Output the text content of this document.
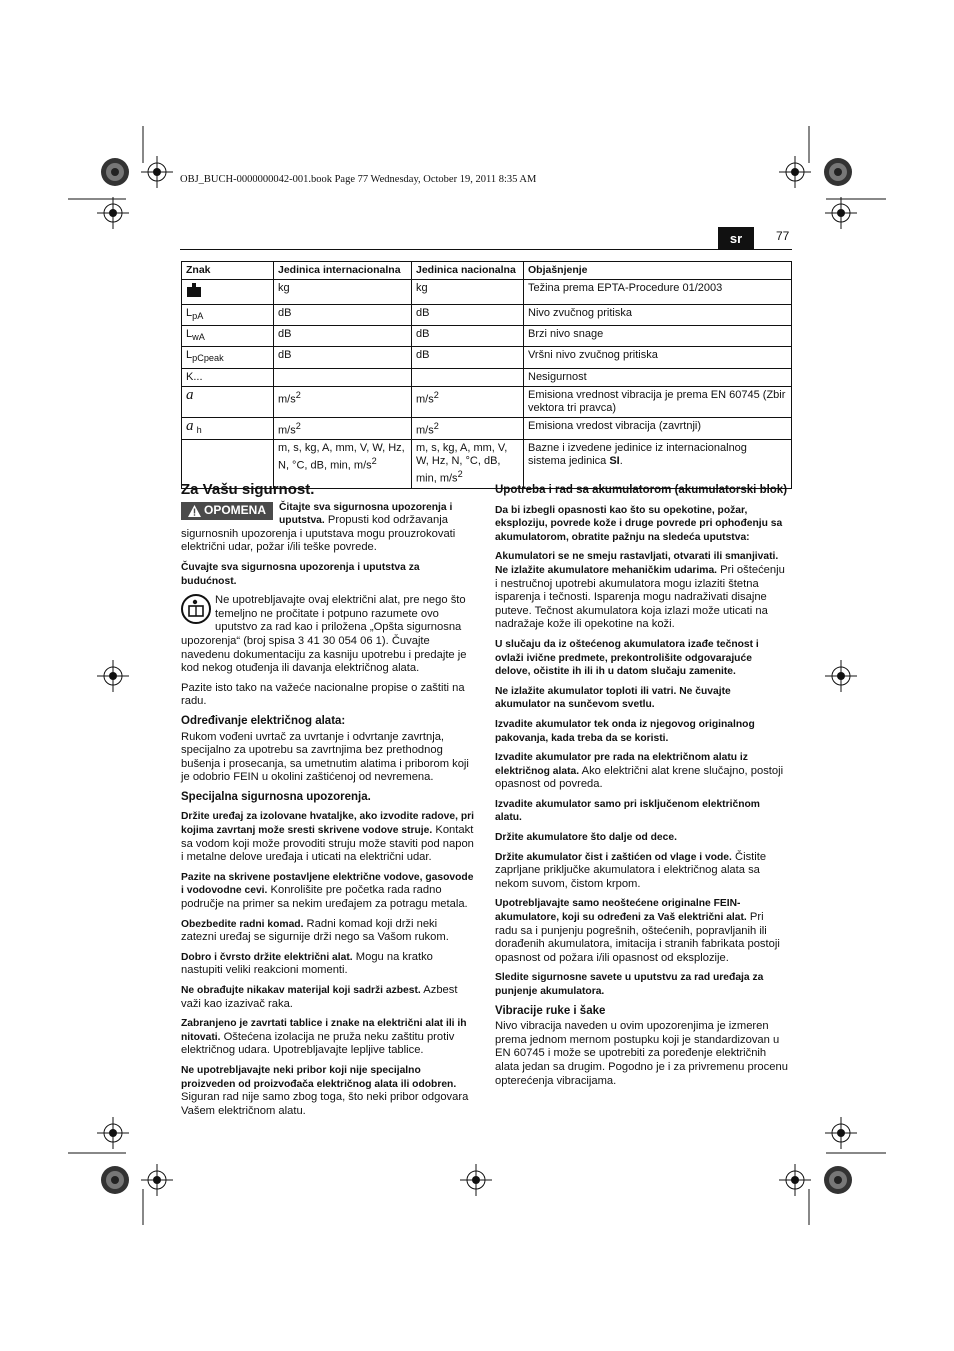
OBJ_BUCH-0000000042-001.book Page 77 Wednesday, October 19, 2011 8:35 AM
sr	77
Znak	Jedinica internacionalna	Jedinica nacionalna	Objašnjenje
	kg	kg	Težina prema EPTA-Procedure 01/2003
$L_{pA}$	dB	dB	Nivo zvučnog pritiska
$L_{wA}$	dB	dB	Brzi nivo snage
$L_{pCpeak}$	dB	dB	Vršni nivo zvučnog pritiska
K...			Nesigurnost
a	$m/s^2$	$m/s^2$	Emisiona vrednost vibracija je prema EN 60745 (Zbir vektora tri pravca)
a $_h$	$m/s^2$	$m/s^2$	Emisiona vredost vibracija (zavrtnji)
	m, s, kg, A, mm, V, W, Hz, N, °C, dB, min, $m/s^2$	m, s, kg, A, mm, V, W, Hz, N, °C, dB, min, $m/s^2$	Bazne i izvedene jedinice iz internacionalnog sistema jedinica SI.
Za Vašu sigurnost.

OPOMENA Čitajte sva sigurnosna upozorenja i uputstva. Propusti kod održavanja sigurnosnih upozorenja i uputstava mogu prouzrokovati električni udar, požar i/ili teške povrede.

Čuvajte sva sigurnosna upozorenja i uputstva za budućnost.

Ne upotrebljavajte ovaj električni alat, pre nego što temeljno ne pročitate i potpuno razumete ovo uputstvo za rad kao i priložena „Opšta sigurnosna upozorenja“ (broj spisa 3 41 30 054 06 1). Čuvajte navedenu dokumentaciju za kasniju upotrebu i predajte je kod nekog otuđenja ili davanja električnog alata.

Pazite isto tako na važeće nacionalne propise o zaštiti na radu.

Određivanje električnog alata:

Rukom vođeni uvrtač za uvrtanje i odvrtanje zavrtnja, specijalno za upotrebu sa zavrtnjima bez prethodnog bušenja i prosecanja, sa umetnutim alatima i priborom koji je odobrio FEIN u okolini zaštićenoj od nevremena.

Specijalna sigurnosna upozorenja.

Držite uređaj za izolovane hvataljke, ako izvodite radove, pri kojima zavrtanj može sresti skrivene vodove struje. Kontakt sa vodom koji može provoditi struju može staviti pod napon i metalne delove uređaja i uticati na električni udar.

Pazite na skrivene postavljene električne vodove, gasovode i vodovodne cevi. Konrolišite pre početka rada radno područje na primer sa nekim uređajem za potragu metala.

Obezbedite radni komad. Radni komad koji drži neki zatezni uređaj se sigurnije drži nego sa Vašom rukom.

Dobro i čvrsto držite električni alat. Mogu na kratko nastupiti veliki reakcioni momenti.

Ne obrađujte nikakav materijal koji sadrži azbest. Azbest važi kao izazivač raka.

Zabranjeno je zavrtati tablice i znake na električni alat ili ih nitovati. Oštećena izolacija ne pruža neku zaštitu protiv električnog udara. Upotrebljavajte lepljive tablice.

Ne upotrebljavajte neki pribor koji nije specijalno proizveden od proizvođača električnog alata ili odobren. Siguran rad nije samo zbog toga, što neki pribor odgovara Vašem električnom alatu.

Upotreba i rad sa akumulatorom (akumulatorski blok)

Da bi izbegli opasnosti kao što su opekotine, požar, eksploziju, povrede kože i druge povrede pri ophođenju sa akumulatorom, obratite pažnju na sledeća uputstva:

Akumulatori se ne smeju rastavljati, otvarati ili smanjivati. Ne izlažite akumulatore mehaničkim udarima. Pri oštećenju i nestručnoj upotrebi akumulatora mogu izlaziti štetna isparenja i tečnosti. Isparenja mogu nadraživati disajne puteve. Tečnost akumulatora koja izlazi može uticati na nadražaje kože ili opekotine na koži.

U slučaju da iz oštećenog akumulatora izađe tečnost i ovlaži ivične predmete, prekontrolišite odgovarajuće delove, očistite ih ili ih u datom slučaju zamenite.

Ne izlažite akumulator toploti ili vatri. Ne čuvajte akumulator na sunčevom svetlu.

Izvadite akumulator tek onda iz njegovog originalnog pakovanja, kada treba da se koristi.

Izvadite akumulator pre rada na električnom alatu iz električnog alata. Ako električni alat krene slučajno, postoji opasnost od povreda.

Izvadite akumulator samo pri isključenom električnom alatu.

Držite akumulatore što dalje od dece.

Držite akumulator čist i zaštićen od vlage i vode. Čistite zaprljane priključke akumulatora i električnog alata sa nekom suvom, čistom krpom.

Upotrebljavajte samo neoštećene originalne FEIN-akumulatore, koji su određeni za Vaš električni alat. Pri radu sa i punjenju pogrešnih, oštećenih, popravljanih ili dorađenih akumulatora, imitacija i stranih fabrikata postoji opasnost od požara i/ili opasnost od eksplozije.

Sledite sigurnosne savete u uputstvu za rad uređaja za punjenje akumulatora.

Vibracije ruke i šake

Nivo vibracija naveden u ovim upozorenjima je izmeren prema jednom mernom postupku koji je standardizovan u EN 60745 i može se upotrebiti za poređenje električnih alata jedan sa drugim. Pogodno je i za privremenu procenu opterećenja vibracijama.
